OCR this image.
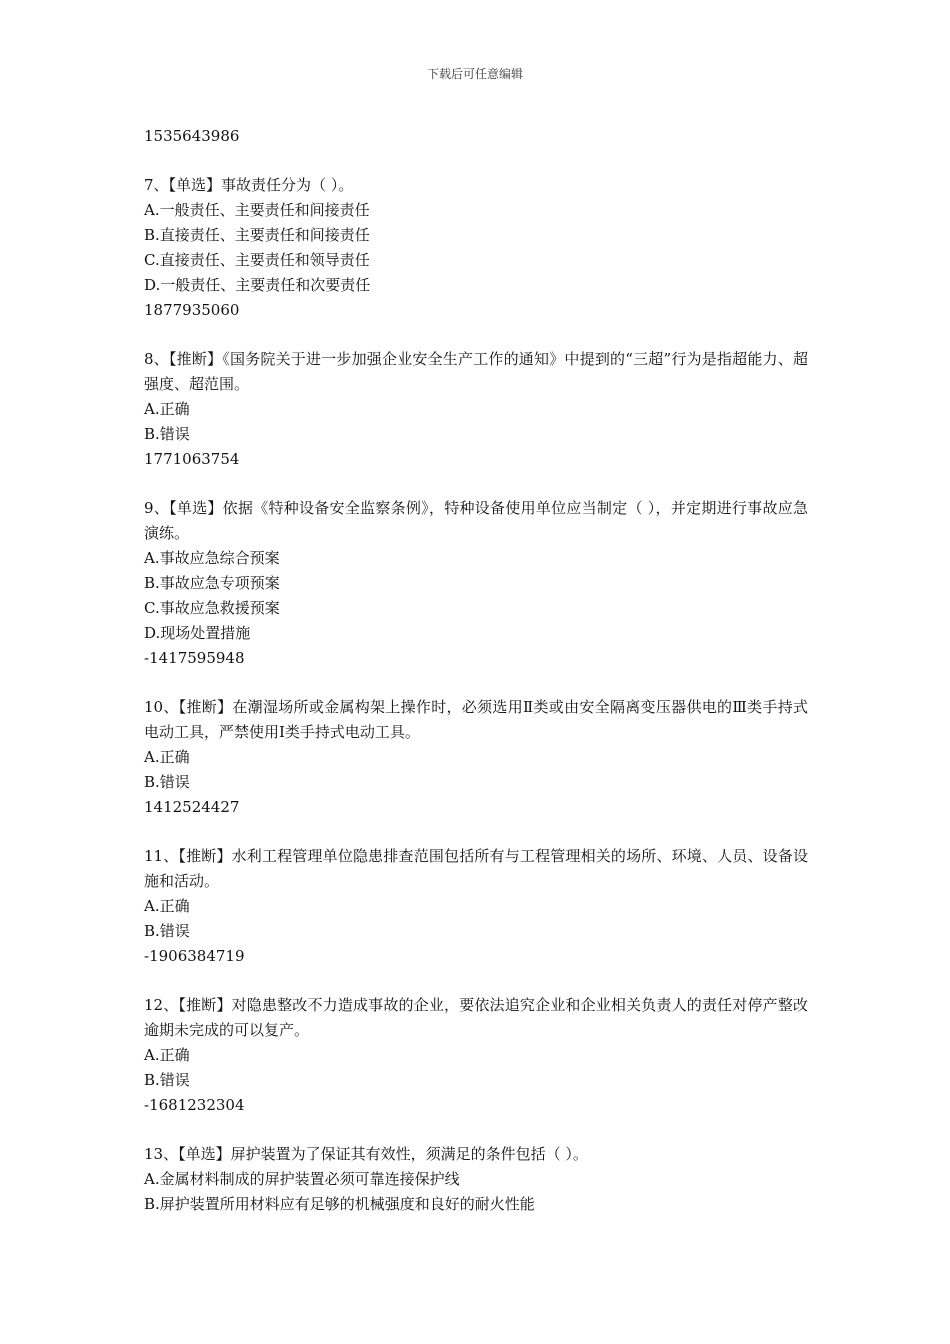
下载后可任意编辑
1535643986
7、【单选】事故责任分为（ ）。
A.一般责任、主要责任和间接责任
B.直接责任、主要责任和间接责任
C.直接责任、主要责任和领导责任
D.一般责任、主要责任和次要责任
1877935060
8、【推断】《国务院关于进一步加强企业安全生产工作的通知》中提到的“三超”行为是指超能力、超强度、超范围。
A.正确
B.错误
1771063754
9、【单选】依据《特种设备安全监察条例》，特种设备使用单位应当制定（ ），并定期进行事故应急演练。
A.事故应急综合预案
B.事故应急专项预案
C.事故应急救援预案
D.现场处置措施
-1417595948
10、【推断】在潮湿场所或金属构架上操作时，必须选用Ⅱ类或由安全隔离变压器供电的Ⅲ类手持式电动工具，严禁使用Ⅰ类手持式电动工具。
A.正确
B.错误
1412524427
11、【推断】水利工程管理单位隐患排查范围包括所有与工程管理相关的场所、环境、人员、设备设施和活动。
A.正确
B.错误
-1906384719
12、【推断】对隐患整改不力造成事故的企业，要依法追究企业和企业相关负责人的责任对停产整改逾期未完成的可以复产。
A.正确
B.错误
-1681232304
13、【单选】屏护装置为了保证其有效性，须满足的条件包括（ ）。
A.金属材料制成的屏护装置必须可靠连接保护线
B.屏护装置所用材料应有足够的机械强度和良好的耐火性能
